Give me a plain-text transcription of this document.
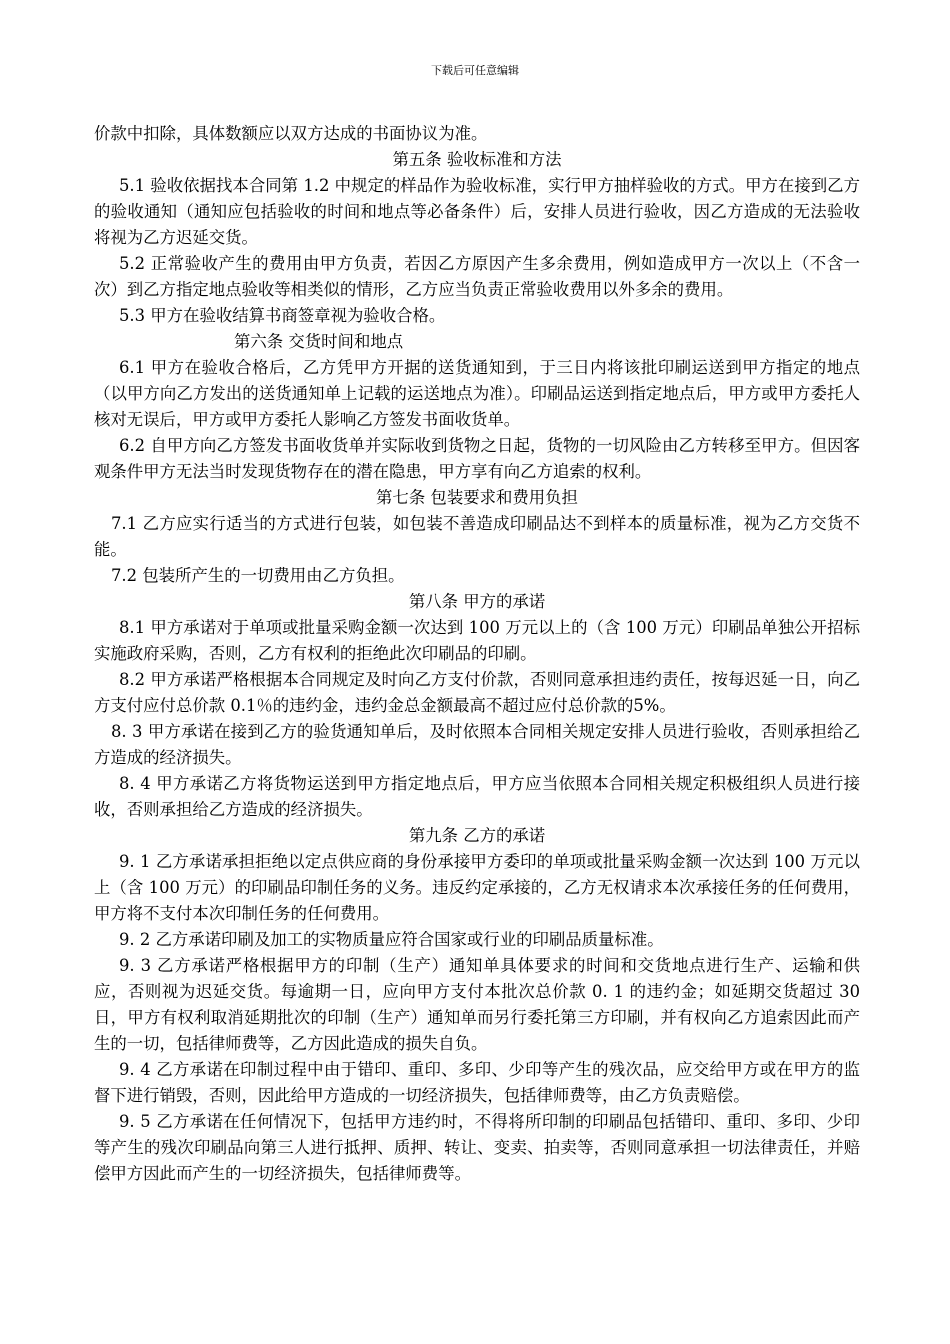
下载后可任意编辑

价款中扣除，具体数额应以双方达成的书面协议为准。

第五条 验收标准和方法

5.1 验收依据找本合同第 1.2 中规定的样品作为验收标准，实行甲方抽样验收的方式。甲方在接到乙方的验收通知（通知应包括验收的时间和地点等必备条件）后，安排人员进行验收，因乙方造成的无法验收将视为乙方迟延交货。

5.2 正常验收产生的费用由甲方负责，若因乙方原因产生多余费用，例如造成甲方一次以上（不含一次）到乙方指定地点验收等相类似的情形，乙方应当负责正常验收费用以外多余的费用。

5.3 甲方在验收结算书商签章视为验收合格。

第六条 交货时间和地点

6.1 甲方在验收合格后，乙方凭甲方开据的送货通知到，于三日内将该批印刷运送到甲方指定的地点（以甲方向乙方发出的送货通知单上记载的运送地点为准）。印刷品运送到指定地点后，甲方或甲方委托人核对无误后，甲方或甲方委托人影响乙方签发书面收货单。

6.2 自甲方向乙方签发书面收货单并实际收到货物之日起，货物的一切风险由乙方转移至甲方。但因客观条件甲方无法当时发现货物存在的潜在隐患，甲方享有向乙方追索的权利。

第七条 包装要求和费用负担

7.1 乙方应实行适当的方式进行包装，如包装不善造成印刷品达不到样本的质量标准，视为乙方交货不能。

7.2 包装所产生的一切费用由乙方负担。

第八条 甲方的承诺

8.1 甲方承诺对于单项或批量采购金额一次达到 100 万元以上的（含 100 万元）印刷品单独公开招标实施政府采购，否则，乙方有权利的拒绝此次印刷品的印刷。

8.2 甲方承诺严格根据本合同规定及时向乙方支付价款，否则同意承担违约责任，按每迟延一日，向乙方支付应付总价款 0.1％的违约金，违约金总金额最高不超过应付总价款的5%。

8. 3 甲方承诺在接到乙方的验货通知单后，及时依照本合同相关规定安排人员进行验收，否则承担给乙方造成的经济损失。

8. 4 甲方承诺乙方将货物运送到甲方指定地点后，甲方应当依照本合同相关规定积极组织人员进行接收，否则承担给乙方造成的经济损失。

第九条 乙方的承诺

9. 1 乙方承诺承担拒绝以定点供应商的身份承接甲方委印的单项或批量采购金额一次达到 100 万元以上（含 100 万元）的印刷品印制任务的义务。违反约定承接的，乙方无权请求本次承接任务的任何费用，甲方将不支付本次印制任务的任何费用。

9. 2 乙方承诺印刷及加工的实物质量应符合国家或行业的印刷品质量标准。

9. 3 乙方承诺严格根据甲方的印制（生产）通知单具体要求的时间和交货地点进行生产、运输和供应，否则视为迟延交货。每逾期一日，应向甲方支付本批次总价款 0. 1 的违约金；如延期交货超过 30 日，甲方有权利取消延期批次的印制（生产）通知单而另行委托第三方印刷，并有权向乙方追索因此而产生的一切，包括律师费等，乙方因此造成的损失自负。

9. 4 乙方承诺在印制过程中由于错印、重印、多印、少印等产生的残次品，应交给甲方或在甲方的监督下进行销毁，否则，因此给甲方造成的一切经济损失，包括律师费等，由乙方负责赔偿。

9. 5 乙方承诺在任何情况下，包括甲方违约时，不得将所印制的印刷品包括错印、重印、多印、少印等产生的残次印刷品向第三人进行抵押、质押、转让、变卖、拍卖等，否则同意承担一切法律责任，并赔偿甲方因此而产生的一切经济损失，包括律师费等。
